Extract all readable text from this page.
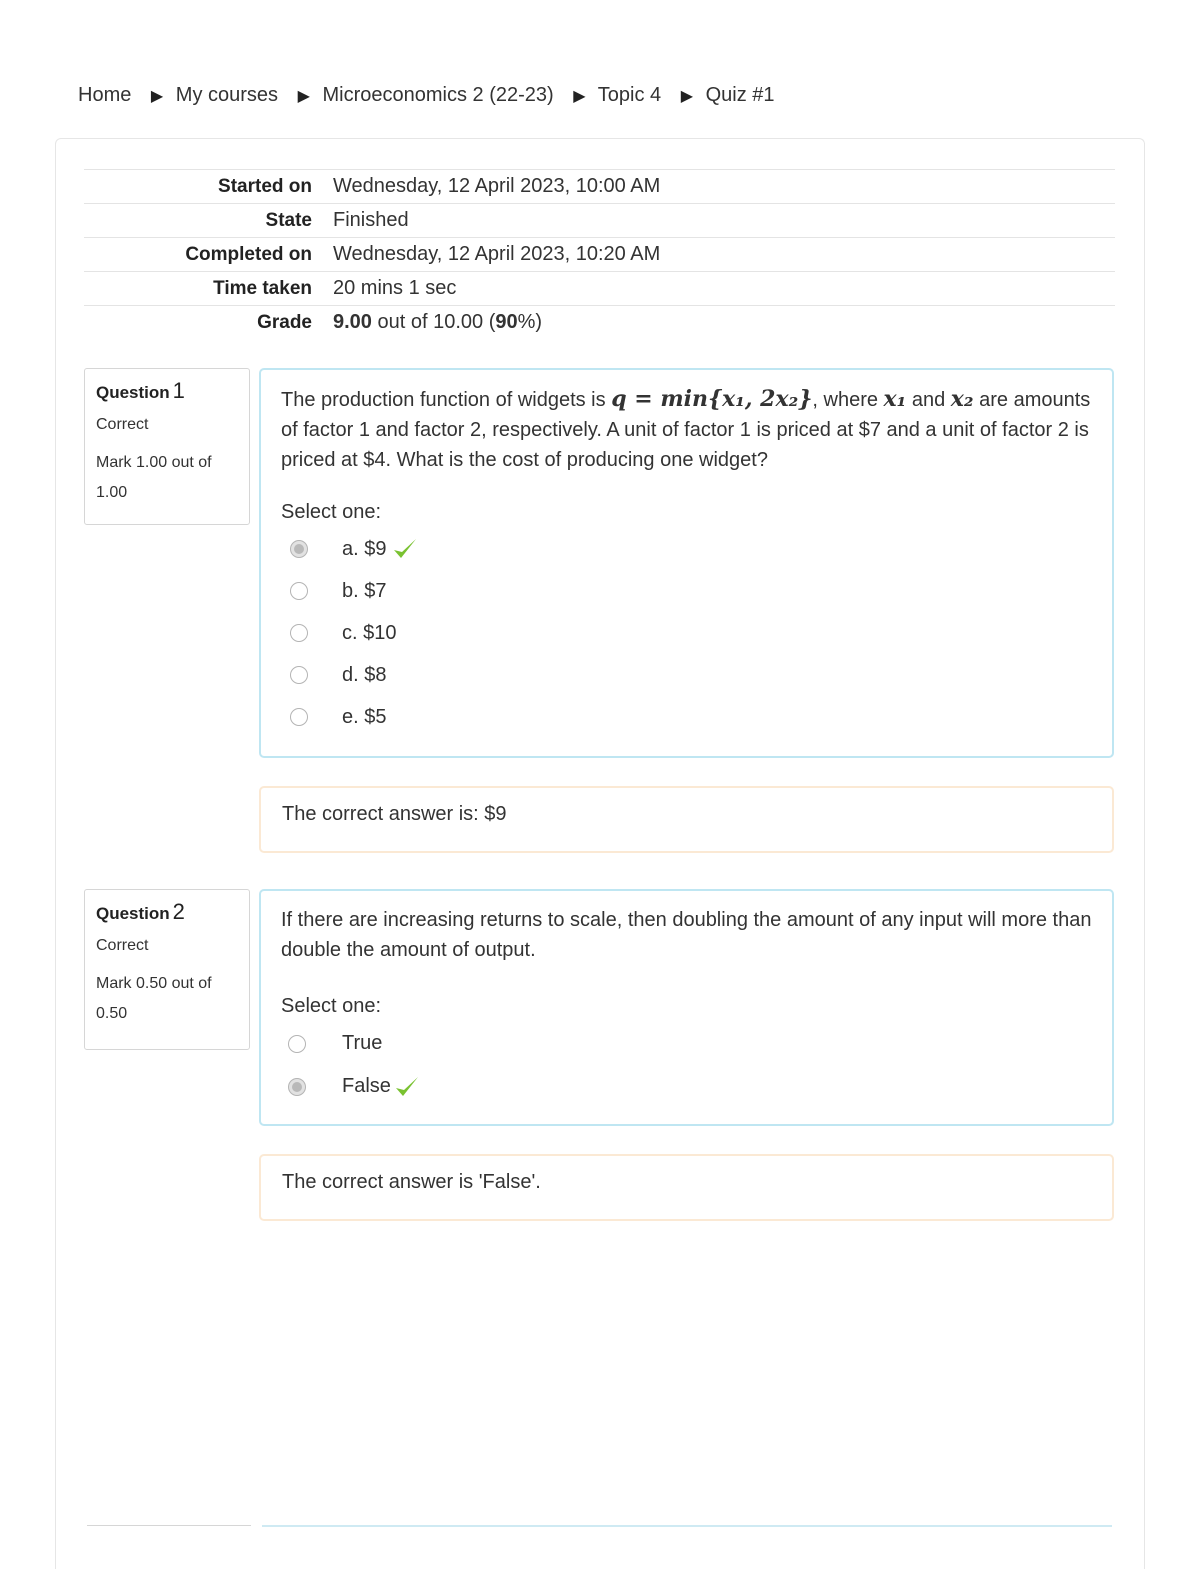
Home ▶ My courses ▶ Microeconomics 2 (22-23) ▶ Topic 4 ▶ Quiz #1
Started on	Wednesday, 12 April 2023, 10:00 AM
State	Finished
Completed on	Wednesday, 12 April 2023, 10:20 AM
Time taken	20 mins 1 sec
Grade	9.00 out of 10.00 (90%)
Question 1
Correct
Mark 1.00 out of 1.00

The production function of widgets is q = min{x₁, 2x₂}, where x₁ and x₂ are amounts of factor 1 and factor 2, respectively. A unit of factor 1 is priced at $7 and a unit of factor 2 is priced at $4. What is the cost of producing one widget?

Select one:
a. $9
b. $7
c. $10
d. $8
e. $5
The correct answer is: $9
Question 2
Correct
Mark 0.50 out of 0.50

If there are increasing returns to scale, then doubling the amount of any input will more than double the amount of output.

Select one:
True
False
The correct answer is 'False'.
